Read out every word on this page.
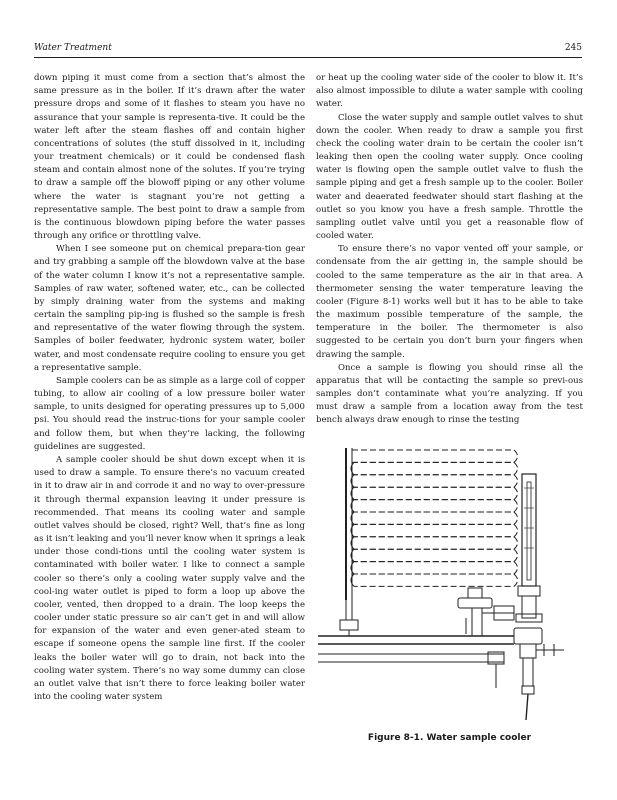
Water Treatment	245

down piping it must come from a section that’s almost the same pressure as in the boiler. If it’s drawn after the water pressure drops and some of it flashes to steam you have no assurance that your sample is representa-tive. It could be the water left after the steam flashes off and contain higher concentrations of solutes (the stuff dissolved in it, including your treatment chemicals) or it could be condensed flash steam and contain almost none of the solutes. If you’re trying to draw a sample off the blowoff piping or any other volume where the water is stagnant you’re not getting a representative sample. The best point to draw a sample from is the continuous blowdown piping before the water passes through any orifice or throttling valve.

When I see someone put on chemical prepara-tion gear and try grabbing a sample off the blowdown valve at the base of the water column I know it’s not a representative sample. Samples of raw water, softened water, etc., can be collected by simply draining water from the systems and making certain the sampling pip-ing is flushed so the sample is fresh and representative of the water flowing through the system. Samples of boiler feedwater, hydronic system water, boiler water, and most condensate require cooling to ensure you get a representative sample.

Sample coolers can be as simple as a large coil of copper tubing, to allow air cooling of a low pressure boiler water sample, to units designed for operating pressures up to 5,000 psi. You should read the instruc-tions for your sample cooler and follow them, but when they’re lacking, the following guidelines are suggested.

A sample cooler should be shut down except when it is used to draw a sample. To ensure there’s no vacuum created in it to draw air in and corrode it and no way to over-pressure it through thermal expansion leaving it under pressure is recommended. That means its cooling water and sample outlet valves should be closed, right? Well, that’s fine as long as it isn’t leaking and you’ll never know when it springs a leak under those condi-tions until the cooling water system is contaminated with boiler water. I like to connect a sample cooler so there’s only a cooling water supply valve and the cool-ing water outlet is piped to form a loop up above the cooler, vented, then dropped to a drain. The loop keeps the cooler under static pressure so air can’t get in and will allow for expansion of the water and even gener-ated steam to escape if someone opens the sample line first. If the cooler leaks the boiler water will go to drain, not back into the cooling water system. There’s no way some dummy can close an outlet valve that isn’t there to force leaking boiler water into the cooling water system

or heat up the cooling water side of the cooler to blow it. It’s also almost impossible to dilute a water sample with cooling water.

Close the water supply and sample outlet valves to shut down the cooler. When ready to draw a sample you first check the cooling water drain to be certain the cooler isn’t leaking then open the cooling water supply. Once cooling water is flowing open the sample outlet valve to flush the sample piping and get a fresh sample up to the cooler. Boiler water and deaerated feedwater should start flashing at the outlet so you know you have a fresh sample. Throttle the sampling outlet valve until you get a reasonable flow of cooled water.

To ensure there’s no vapor vented off your sample, or condensate from the air getting in, the sample should be cooled to the same temperature as the air in that area. A thermometer sensing the water temperature leaving the cooler (Figure 8-1) works well but it has to be able to take the maximum possible temperature of the sample, the temperature in the boiler. The thermometer is also suggested to be certain you don’t burn your fingers when drawing the sample.

Once a sample is flowing you should rinse all the apparatus that will be contacting the sample so previ-ous samples don’t contaminate what you’re analyzing. If you must draw a sample from a location away from the test bench always draw enough to rinse the testing

Figure 8-1. Water sample cooler
